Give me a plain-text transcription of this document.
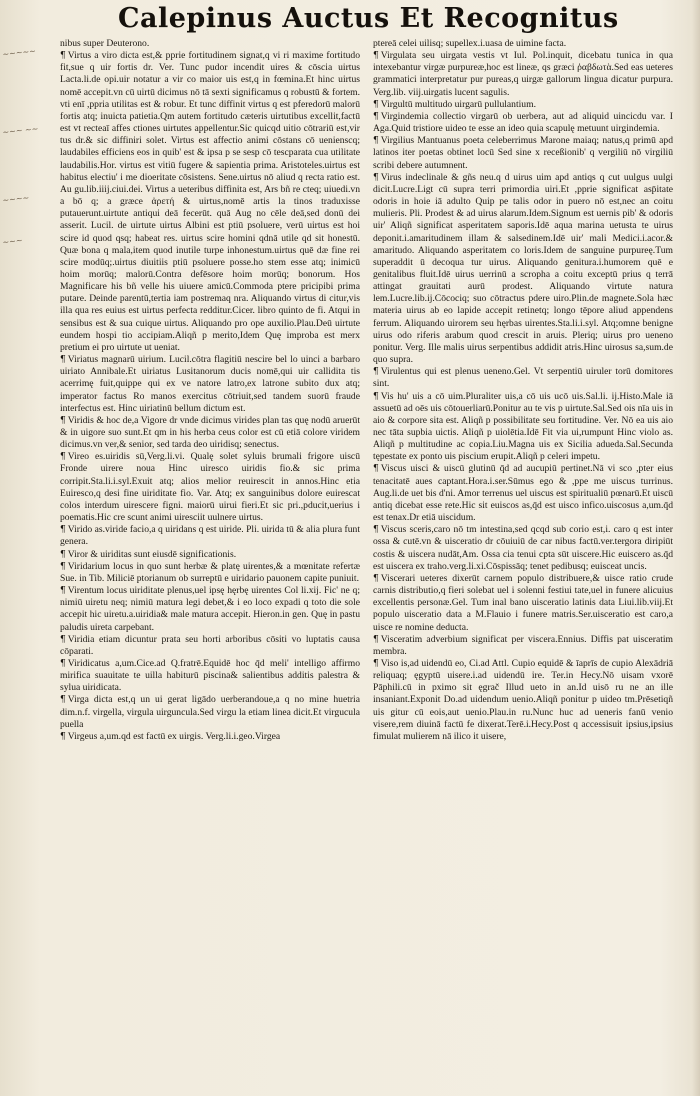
~~~~~
~~~ ~~
~~~~
~~~
Calepinus Auctus Et Recognitus

nibus super Deuterono.

¶ Virtus a viro dicta est,& pprie fortitudinem signat,q vi ri maxime fortitudo fit,sue q uir fortis dr. Ver. Tunc pudor incendit uires & cōscia uirtus Lacta.li.de opi.uir notatur a vir co maior uis est,q in fœmina.Et hinc uirtus nomē accepit.vn cū uirtū dicimus nō tā sexti significamus q robustū & fortem. vti enī ,ppria utilitas est & robur. Et tunc diffinit virtus q est pferedorū malorū fortis atq; inuicta patietia.Qm autem fortitudo cæteris uirtutibus excellit,factū est vt recteaī affes ctiones uirtutes appellentur.Sic quicqd uitio cōtrariū est,vir tus dr.& sic diffiniri solet. Virtus est affectio animi cōstans cō uenienscq; laudabiles efficiens eos in quib' est & ipsa p se sesp cō tescparata cua utilitate laudabilis.Hor. virtus est vitiū fugere & sapientia prima. Aristoteles.uirtus est habitus electiu' i me dioeritate cōsistens. Sene.uirtus nō aliud q recta ratio est. Au gu.lib.iiij.ciui.dei. Virtus a ueteribus diffinita est, Ars bñ re cteq; uiuedi.vn a bō q; a græce ἀρετή & uirtus,nomē artis la tinos traduxisse putauerunt.uirtute antiqui deā fecerūt. quā Aug no cēle deā,sed donū dei asserit. Lucil. de uirtute uirtus Albini est ptiū psoluere, verū uirtus est hoi scire id quod qsq; habeat res. uirtus scire homini qdnā utile qd sit honestū. Quæ bona q mala,item quod inutile turpe inhonestum.uirtus quē dæ fine rei scire modūq;.uirtus diuitiis ptiū psoluere posse.ho stem esse atq; inimicū hoim morūq; malorū.Contra defēsore hoim morūq; bonorum. Hos Magnificare his bñ velle his uiuere amicū.Commoda ptere pricipibi prima putare. Deinde parentū,tertia iam postremaq nra. Aliquando virtus di citur,vis illa qua res euius est uirtus perfecta redditur.Cicer. libro quinto de fi. Atqui in sensibus est & sua cuique uirtus. Aliquando pro ope auxilio.Plau.Deū uirtute eundem hospi tio accipiam.Aliqñ p merito,Idem Quę improba est merx pretium ei pro uirtute ut ueniat.

¶ Viriatus magnarū uirium. Lucil.cōtra flagitiū nescire bel lo uinci a barbaro uiriato Annibale.Et uiriatus Lusitanorum ducis nomē,qui uir callidita tis acerrimę fuit,quippe qui ex ve natore latro,ex latrone subito dux atq; imperator factus Ro manos exercitus cōtriuit,sed tandem suorū fraude interfectus est. Hinc uiriatinū bellum dictum est.

¶ Viridis & hoc de,a Vigore dr vnde dicimus virides plan tas quę nodū aruerūt & in uigore suo sunt.Et qm in his herba ceus color est cū etiā colore viridem dicimus.vn ver,& senior, sed tarda deo uiridisq; senectus.

¶ Vireo es.uiridis sū,Verg.li.vi. Qualę solet syluis brumali frigore uiscū Fronde uirere noua Hinc uiresco uiridis fio.& sic prima corripit.Sta.li.i.syl.Exuit atq; alios melior reuirescit in annos.Hinc etia Euiresco,q desi fine uiriditate fio. Var. Atq; ex sanguinibus dolore euirescat colos interdum uirescere figni. maiorū uirui fieri.Et sic pri.,pducit,uerius i poematis.Hic cre scunt animi uiresciit uulnere uirtus.

¶ Virido as.viride facio,a q uiridans q est uiride. Pli. uirida tū & alia plura funt genera.

¶ Viror & uiriditas sunt eiusdē significationis.

¶ Viridarium locus in quo sunt herbæ & platę uirentes,& a mœnitate refertæ Sue. in Tib. Miliciē ptorianum ob surreptū e uiridario pauonem capite puniuit.

¶ Virentum locus uiriditate plenus,uel ipsę hęrbę uirentes Col li.xij. Fic' ne q; nimiū uiretu neq; nimiū matura legi debet,& i eo loco expadi q toto die sole accepit hic uiretu.a.uiridia& male matura accepit. Hieron.in gen. Quę in pastu paludis uireta carpebant.

¶ Viridia etiam dicuntur prata seu horti arboribus cōsiti vo luptatis causa cōparati.

¶ Viridicatus a,um.Cice.ad Q.fratrē.Equidē hoc q̄d meli' intelligo affirmo mirifica suauitate te uilla habiturū piscina& salientibus additis palestra & sylua uiridicata.

¶ Virga dicta est,q un ui gerat ligādo uerberandoue,a q no mine huetria dim.n.f. virgella, virgula uirguncula.Sed virgu la etiam linea dicit.Et virgucula puella

¶ Virgeus a,um.qd est factū ex uirgis. Verg.li.i.geo.Virgea

ptereā celei uilisq; supellex.i.uasa de uimine facta.

¶ Virgulata seu uirgata vestis vt Iul. Pol.inquit, dicebatu tunica in qua intexebantur virgæ purpureæ,hoc est lineæ, qs græci ῥαβδωτὰ.Sed eas ueteres grammatici interpretatur pur pureas,q uirgæ gallorum lingua dicatur purpura. Verg.lib. viij.uirgatis lucent sagulis.

¶ Virgultū multitudo uirgarū pullulantium.

¶ Virgindemia collectio virgarū ob uerbera, aut ad aliquid uincicdu var. I Aga.Quid tristiore uideo te esse an ideo quia scapulę metuunt uirgindemia.

¶ Virgilius Mantuanus poeta celeberrimus Marone maiaq; natus,q primū apd latinos iter poetas obtinet locū Sed sine x receßionib' q vergiliū nō virgiliū scribi debere autumnent.

¶ Virus indeclinale & gñs neu.q d uirus uim apd antiqs q cut uulgus uulgi dicit.Lucre.Ligt cū supra terri primordia uiri.Et ,pprie significat asp̄itate odoris in hoie iā adulto Quip pe talis odor in puero nō est,nec an coitu mulieris. Pli. Prodest & ad uirus alarum.Idem.Signum est uernis pib' & odoris uir' Aliqñ significat asperitatem saporis.Idē aqua marina uetusta te uirus deponit.i.amaritudinem illam & salsedinem.Idē uir' mali Medici.i.acor.& amaritudo. Aliquando asperitatem co loris.Idem de sanguine purpureę.Tum superaddit ū decoqua tur uirus. Aliquando genitura.i.humorem quē e genitalibus fluit.Idē uirus uerrinū a scropha a coitu exceptū prius q terrā attingat grauitati aurū prodest. Aliquando virtute natura lem.Lucre.lib.ij.Cōcociq; suo cōtractus pdere uiro.Plin.de magnete.Sola hæc materia uirus ab eo lapide accepit retinetq; longo tēpore aliud appendens ferrum. Aliquando uirorem seu hęrbas uirentes.Sta.li.i.syl. Atq;omne benigne uirus odo riferis arabum quod crescit in aruis. Pleriq; uirus pro ueneno ponitur. Verg. Ille malis uirus serpentibus addidit atris.Hinc uirosus sa,sum.de quo supra.

¶ Virulentus qui est plenus ueneno.Gel. Vt serpentiū uiruler torū domitores sint.

¶ Vis hu' uis a cō uim.Pluraliter uis,a cō uis ucō uis.Sal.li. ij.Histo.Male iā assuetū ad oēs uis cōtouerliarū.Ponitur au te vis p uirtute.Sal.Sed ois nīa uis in aio & corpore sita est. Aliqñ p possibilitate seu fortitudine. Ver. Nō ea uis aio nec tāta supbia uictis. Aliqñ p uiolētia.Idē Fit via ui,rumpunt Hinc violo as. Aliqñ p multitudine ac copia.Liu.Magna uis ex Sicilia adueda.Sal.Secunda tępestate ex ponto uis piscium erupit.Aliqñ p celeri impetu.

¶ Viscus uisci & uiscū glutinū q̄d ad aucupiū pertinet.Nā vi sco ,pter eius tenacitatē aues captant.Hora.i.ser.Sūmus ego & ,ppe me uiscus turrinus. Aug.li.de uet bis d'ni. Amor terrenus uel uiscus est spiritualiū pœnarū.Et uiscū antiq dicebat esse rete.Hic sit euiscos as,q̄d est uisco infico.uiscosus a,um.q̄d est tenax.Dr etiā uiscidum.

¶ Viscus sceris,caro nō tm intestina,sed qcqd sub corio est,i. caro q est inter ossa & cutē.vn & uisceratio dr cōuiuiū de car nibus factū.ver.tergora diripiūt costis & uiscera nudāt,Am. Ossa cia tenui cpta sūt uiscere.Hic euiscero as.q̄d est uiscera ex traho.verg.li.xi.Cōspissāq; tenet pedibusq; euisceat uncis.

¶ Viscerari ueteres dixerūt carnem populo distribuere,& uisce ratio crude carnis distributio,q fieri solebat uel i solenni festiui tate,uel in funere alicuius excellentis personæ.Gel. Tum inal bano uisceratio latinis data Liui.lib.viij.Et populo uisceratio data a M.Flauio i funere matris.Ser.uisceratio est caro,a uisce re nomine deducta.

¶ Visceratim adverbium significat per viscera.Ennius. Diffis pat uisceratim membra.

¶ Viso is,ad uidendū eo, Ci.ad Attl. Cupio equidē & īaprīs de cupio Alexādriā reliquaq; ęgyptū uisere.i.ad uidendū ire. Ter.in Hecy.Nō uisam vxorē Pāphili.cū in pximo sit ęgrač Illud ueto in an.Id uisō ru ne an ille insaniant.Exponit Do.ad uidendum uenio.Aliqñ ponitur p uideo tm.Prēsetiqñ uis gitur cū eois,aut uenio.Plau.in ru.Nunc huc ad ueneris fanū venio visere,rem diuinā factū fe dixerat.Terē.i.Hecy.Post q accessisuit ipsius,ipsius fimulat mulierem nā ilico it uisere,
